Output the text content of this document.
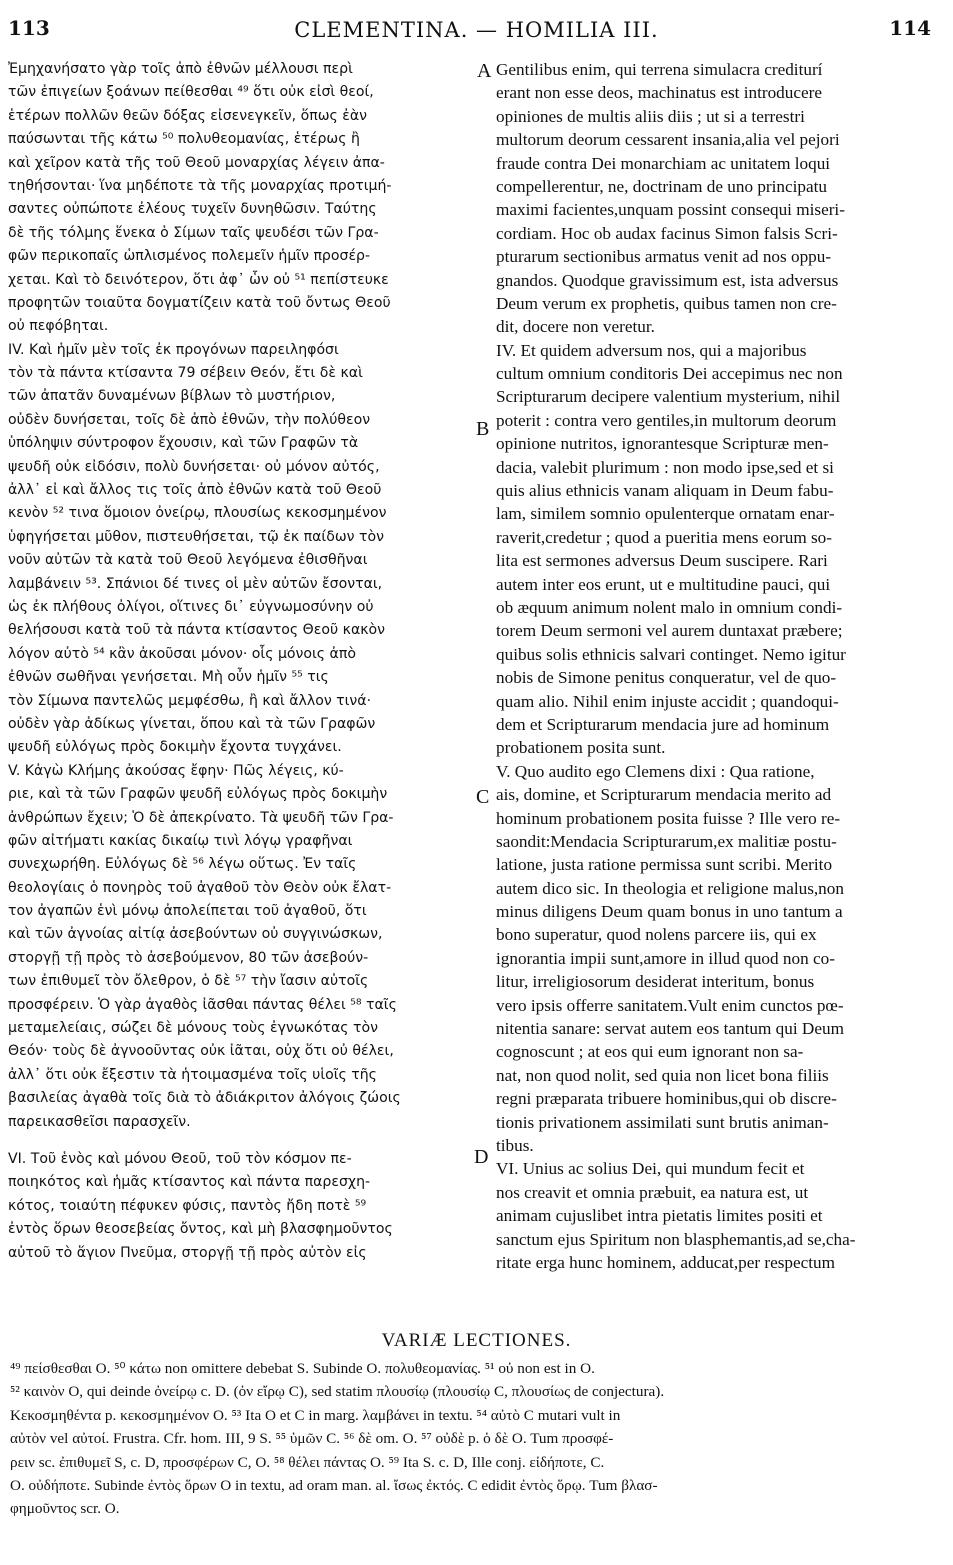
113	CLEMENTINA. — HOMILIA III.	114
Ἐμηχανήσατο γὰρ τοῖς ἀπὸ ἐθνῶν μέλλουσι περὶ
τῶν ἐπιγείων ξοάνων πείθεσθαι ⁴⁹ ὅτι οὐκ εἰσὶ θεοί,
ἑτέρων πολλῶν θεῶν δόξας εἰσενεγκεῖν, ὅπως ἐὰν
παύσωνται τῆς κάτω ⁵⁰ πολυθεομανίας, ἑτέρως ἢ
καὶ χεῖρον κατὰ τῆς τοῦ Θεοῦ μοναρχίας λέγειν ἀπα-
τηθήσονται· ἵνα μηδέποτε τὰ τῆς μοναρχίας προτιμή-
σαντες οὐπώποτε ἐλέους τυχεῖν δυνηθῶσιν. Ταύτης
δὲ τῆς τόλμης ἕνεκα ὁ Σίμων ταῖς ψευδέσι τῶν Γρα-
φῶν περικοπαῖς ὡπλισμένος πολεμεῖν ἡμῖν προσέρ-
χεται. Καὶ τὸ δεινότερον, ὅτι ἀφ᾽ ὧν οὐ ⁵¹ πεπίστευκε
προφητῶν τοιαῦτα δογματίζειν κατὰ τοῦ ὄντως Θεοῦ
οὐ πεφόβηται.
IV. Καὶ ἡμῖν μὲν τοῖς ἐκ προγόνων παρειληφόσι
τὸν τὰ πάντα κτίσαντα 79 σέβειν Θεόν, ἔτι δὲ καὶ
τῶν ἀπατᾶν δυναμένων βίβλων τὸ μυστήριον,
οὐδὲν δυνήσεται, τοῖς δὲ ἀπὸ ἐθνῶν, τὴν πολύθεον
ὑπόληψιν σύντροφον ἔχουσιν, καὶ τῶν Γραφῶν τὰ
ψευδῆ οὐκ εἰδόσιν, πολὺ δυνήσεται· οὐ μόνον αὐτός,
ἀλλ᾽ εἰ καὶ ἄλλος τις τοῖς ἀπὸ ἐθνῶν κατὰ τοῦ Θεοῦ
κενὸν ⁵² τινα ὅμοιον ὀνείρῳ, πλουσίως κεκοσμημένον
ὑφηγήσεται μῦθον, πιστευθήσεται, τῷ ἐκ παίδων τὸν
νοῦν αὐτῶν τὰ κατὰ τοῦ Θεοῦ λεγόμενα ἐθισθῆναι
λαμβάνειν ⁵³. Σπάνιοι δέ τινες οἱ μὲν αὐτῶν ἔσονται,
ὡς ἐκ πλήθους ὀλίγοι, οἵτινες δι᾽ εὐγνωμοσύνην οὐ
θελήσουσι κατὰ τοῦ τὰ πάντα κτίσαντος Θεοῦ κακὸν
λόγον αὐτὸ ⁵⁴ κἂν ἀκοῦσαι μόνον· οἷς μόνοις ἀπὸ
ἐθνῶν σωθῆναι γενήσεται. Μὴ οὖν ἡμῖν ⁵⁵ τις
τὸν Σίμωνα παντελῶς μεμφέσθω, ἢ καὶ ἄλλον τινά·
οὐδὲν γὰρ ἀδίκως γίνεται, ὅπου καὶ τὰ τῶν Γραφῶν
ψευδῆ εὐλόγως πρὸς δοκιμὴν ἔχοντα τυγχάνει.
V. Κἀγὼ Κλήμης ἀκούσας ἔφην· Πῶς λέγεις, κύ-
ριε, καὶ τὰ τῶν Γραφῶν ψευδῆ εὐλόγως πρὸς δοκιμὴν
ἀνθρώπων ἔχειν; Ὁ δὲ ἀπεκρίνατο. Τὰ ψευδῆ τῶν Γρα-
φῶν αἰτήματι κακίας δικαίῳ τινὶ λόγῳ γραφῆναι
συνεχωρήθη. Εὐλόγως δὲ ⁵⁶ λέγω οὕτως. Ἐν ταῖς
θεολογίαις ὁ πονηρὸς τοῦ ἀγαθοῦ τὸν Θεὸν οὐκ ἔλατ-
τον ἀγαπῶν ἑνὶ μόνῳ ἀπολείπεται τοῦ ἀγαθοῦ, ὅτι
καὶ τῶν ἀγνοίας αἰτίᾳ ἀσεβούντων οὐ συγγινώσκων,
στοργῇ τῇ πρὸς τὸ ἀσεβούμενον, 80 τῶν ἀσεβούν-
των ἐπιθυμεῖ τὸν ὄλεθρον, ὁ δὲ ⁵⁷ τὴν ἴασιν αὐτοῖς
προσφέρειν. Ὁ γὰρ ἀγαθὸς ἰᾶσθαι πάντας θέλει ⁵⁸ ταῖς
μεταμελείαις, σώζει δὲ μόνους τοὺς ἐγνωκότας τὸν
Θεόν· τοὺς δὲ ἀγνοοῦντας οὐκ ἰᾶται, οὐχ ὅτι οὐ θέλει,
ἀλλ᾽ ὅτι οὐκ ἔξεστιν τὰ ἡτοιμασμένα τοῖς υἱοῖς τῆς
βασιλείας ἀγαθὰ τοῖς διὰ τὸ ἀδιάκριτον ἀλόγοις ζώοις
παρεικασθεῖσι παρασχεῖν.
VI. Τοῦ ἑνὸς καὶ μόνου Θεοῦ, τοῦ τὸν κόσμον πε-
ποιηκότος καὶ ἡμᾶς κτίσαντος καὶ πάντα παρεσχη-
κότος, τοιαύτη πέφυκεν φύσις, παντὸς ἤδη ποτὲ ⁵⁹
ἐντὸς ὅρων θεοσεβείας ὄντος, καὶ μὴ βλασφημοῦντος
αὐτοῦ τὸ ἅγιον Πνεῦμα, στοργῇ τῇ πρὸς αὐτὸν εἰς
Gentilibus enim, qui terrena simulacra crediturí
erant non esse deos, machinatus est introducere
opiniones de multis aliis diis ; ut si a terrestri
multorum deorum cessarent insania,alia vel pejori
fraude contra Dei monarchiam ac unitatem loqui
compellerentur, ne, doctrinam de uno principatu
maximi facientes,unquam possint consequi miseri-
cordiam. Hoc ob audax facinus Simon falsis Scri-
pturarum sectionibus armatus venit ad nos oppu-
gnandos. Quodque gravissimum est, ista adversus
Deum verum ex prophetis, quibus tamen non cre-
dit, docere non veretur.
IV. Et quidem adversum nos, qui a majoribus
cultum omnium conditoris Dei accepimus nec non
Scripturarum decipere valentium mysterium, nihil
poterit : contra vero gentiles,in multorum deorum
opinione nutritos, ignorantesque Scripturæ men-
dacia, valebit plurimum : non modo ipse,sed et si
quis alius ethnicis vanam aliquam in Deum fabu-
lam, similem somnio opulenterque ornatam enar-
raverit,credetur ; quod a pueritia mens eorum so-
lita est sermones adversus Deum suscipere. Rari
autem inter eos erunt, ut e multitudine pauci, qui
ob æquum animum nolent malo in omnium condi-
torem Deum sermoni vel aurem duntaxat præbere;
quibus solis ethnicis salvari continget. Nemo igitur
nobis de Simone penitus conqueratur, vel de quo-
quam alio. Nihil enim injuste accidit ; quandoqui-
dem et Scripturarum mendacia jure ad hominum
probationem posita sunt.
V. Quo audito ego Clemens dixi : Qua ratione,
ais, domine, et Scripturarum mendacia merito ad
hominum probationem posita fuisse ? Ille vero re-
saondit:Mendacia Scripturarum,ex malitiæ postu-
latione, justa ratione permissa sunt scribi. Merito
autem dico sic. In theologia et religione malus,non
minus diligens Deum quam bonus in uno tantum a
bono superatur, quod nolens parcere iis, qui ex
ignorantia impii sunt,amore in illud quod non co-
litur, irreligiosorum desiderat interitum, bonus
vero ipsis offerre sanitatem.Vult enim cunctos pœ-
nitentia sanare: servat autem eos tantum qui Deum
cognoscunt ; at eos qui eum ignorant non sa-
nat, non quod nolit, sed quia non licet bona filiis
regni præparata tribuere hominibus,qui ob discre-
tionis privationem assimilati sunt brutis animan-
tibus.
VI. Unius ac solius Dei, qui mundum fecit et
nos creavit et omnia præbuit, ea natura est, ut
animam cujuslibet intra pietatis limites positi et
sanctum ejus Spiritum non blasphemantis,ad se,cha-
ritate erga hunc hominem, adducat,per respectum
A
B
C
D
VARIÆ LECTIONES.
⁴⁹ πείσθεσθαι O. ⁵⁰ κάτω non omittere debebat S. Subinde O. πολυθεομανίας. ⁵¹ οὐ non est in O.
⁵² καινὸν O, qui deinde ὀνείρῳ c. D. (ὀν εἴρῳ C), sed statim πλουσίῳ (πλουσίῳ C, πλουσίως de conjectura).
Κεκοσμηθέντα p. κεκοσμημένον O. ⁵³ Ita O et C in marg. λαμβάνει in textu. ⁵⁴ αὐτὸ C mutari vult in
αὐτὸν vel αὐτοί. Frustra. Cfr. hom. III, 9 S. ⁵⁵ ὑμῶν C. ⁵⁶ δὲ om. O. ⁵⁷ οὐδὲ p. ὁ δὲ O. Tum προσφέ-
ρειν sc. ἐπιθυμεῖ S, c. D, προσφέρων C, O. ⁵⁸ θέλει πάντας O. ⁵⁹ Ita S. c. D, Ille conj. εἰδήποτε, C.
O. οὐδήποτε. Subinde ἐντὸς ὅρων O in textu, ad oram man. al. ἴσως ἐκτός. C edidit ἐντὸς ὅρῳ. Tum βλασ-
φημοῦντος scr. O.
